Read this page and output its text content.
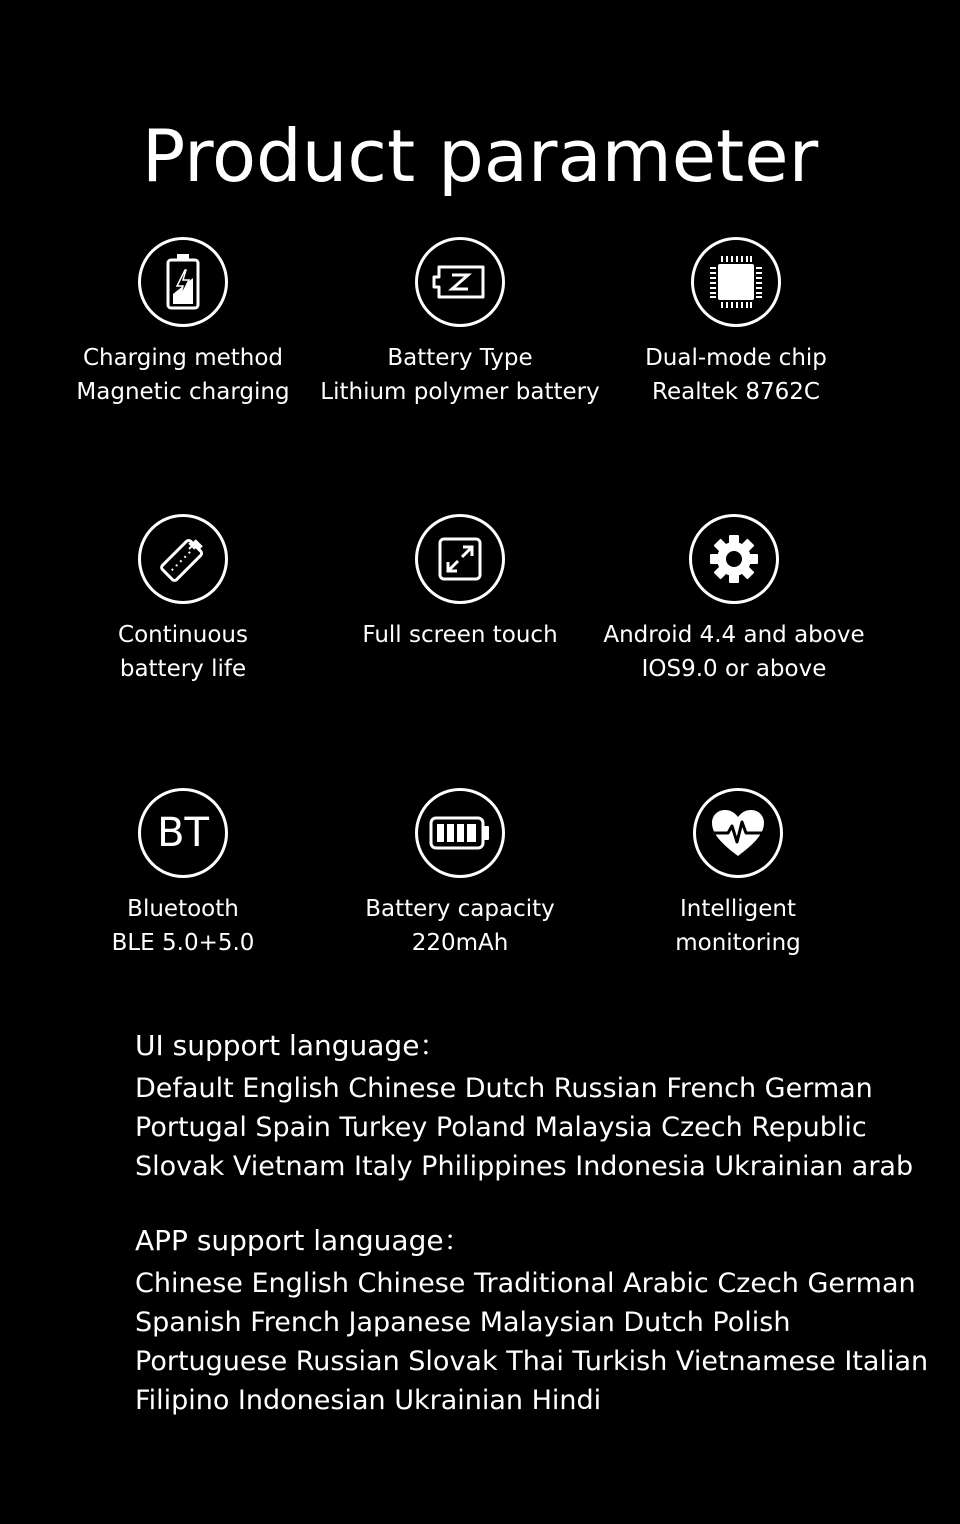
Product parameter
Charging method
Magnetic charging
Battery Type
Lithium polymer battery
Dual-mode chip
Realtek 8762C
Continuous
battery life
Full screen touch	Android 4.4 and above
IOS9.0 or above
BT
Bluetooth
BLE 5.0+5.0
Battery capacity
220mAh
Intelligent
monitoring
UI support language：
Default English Chinese Dutch Russian French German
Portugal Spain Turkey Poland Malaysia Czech Republic
Slovak Vietnam Italy Philippines Indonesia Ukrainian arab
APP support language：
Chinese English Chinese Traditional Arabic Czech German
Spanish French Japanese Malaysian Dutch Polish
Portuguese Russian Slovak Thai Turkish Vietnamese Italian
Filipino Indonesian Ukrainian Hindi
